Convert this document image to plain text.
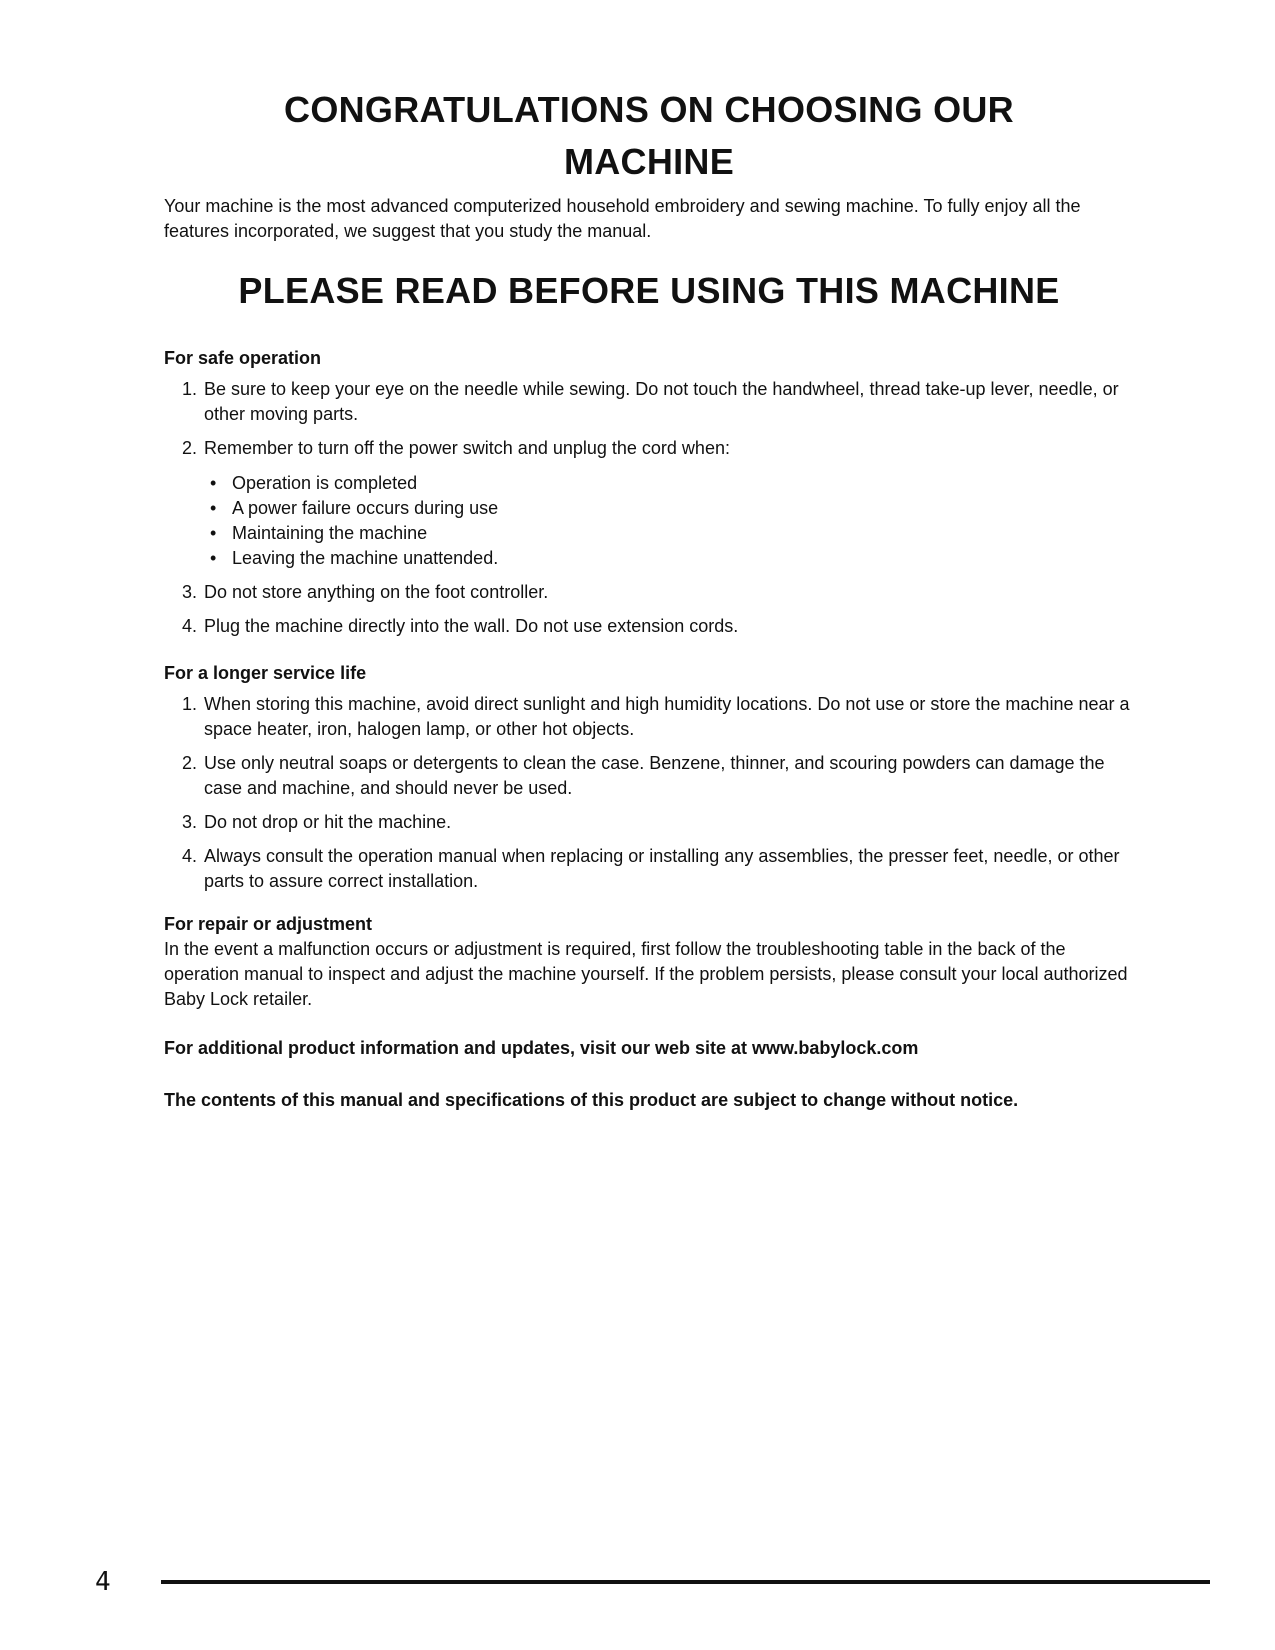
CONGRATULATIONS ON CHOOSING OUR
MACHINE

Your machine is the most advanced computerized household embroidery and sewing machine. To fully enjoy all the features incorporated, we suggest that you study the manual.

PLEASE READ BEFORE USING THIS MACHINE

For safe operation

1. Be sure to keep your eye on the needle while sewing. Do not touch the handwheel, thread take-up lever, needle, or other moving parts.
2. Remember to turn off the power switch and unplug the cord when:
• Operation is completed
• A power failure occurs during use
• Maintaining the machine
• Leaving the machine unattended.
3. Do not store anything on the foot controller.
4. Plug the machine directly into the wall. Do not use extension cords.

For a longer service life

1. When storing this machine, avoid direct sunlight and high humidity locations. Do not use or store the machine near a space heater, iron, halogen lamp, or other hot objects.
2. Use only neutral soaps or detergents to clean the case. Benzene, thinner, and scouring powders can damage the case and machine, and should never be used.
3. Do not drop or hit the machine.
4. Always consult the operation manual when replacing or installing any assemblies, the presser feet, needle, or other parts to assure correct installation.

For repair or adjustment

In the event a malfunction occurs or adjustment is required, first follow the troubleshooting table in the back of the operation manual to inspect and adjust the machine yourself. If the problem persists, please consult your local authorized Baby Lock retailer.

For additional product information and updates, visit our web site at www.babylock.com

The contents of this manual and specifications of this product are subject to change without notice.

4
